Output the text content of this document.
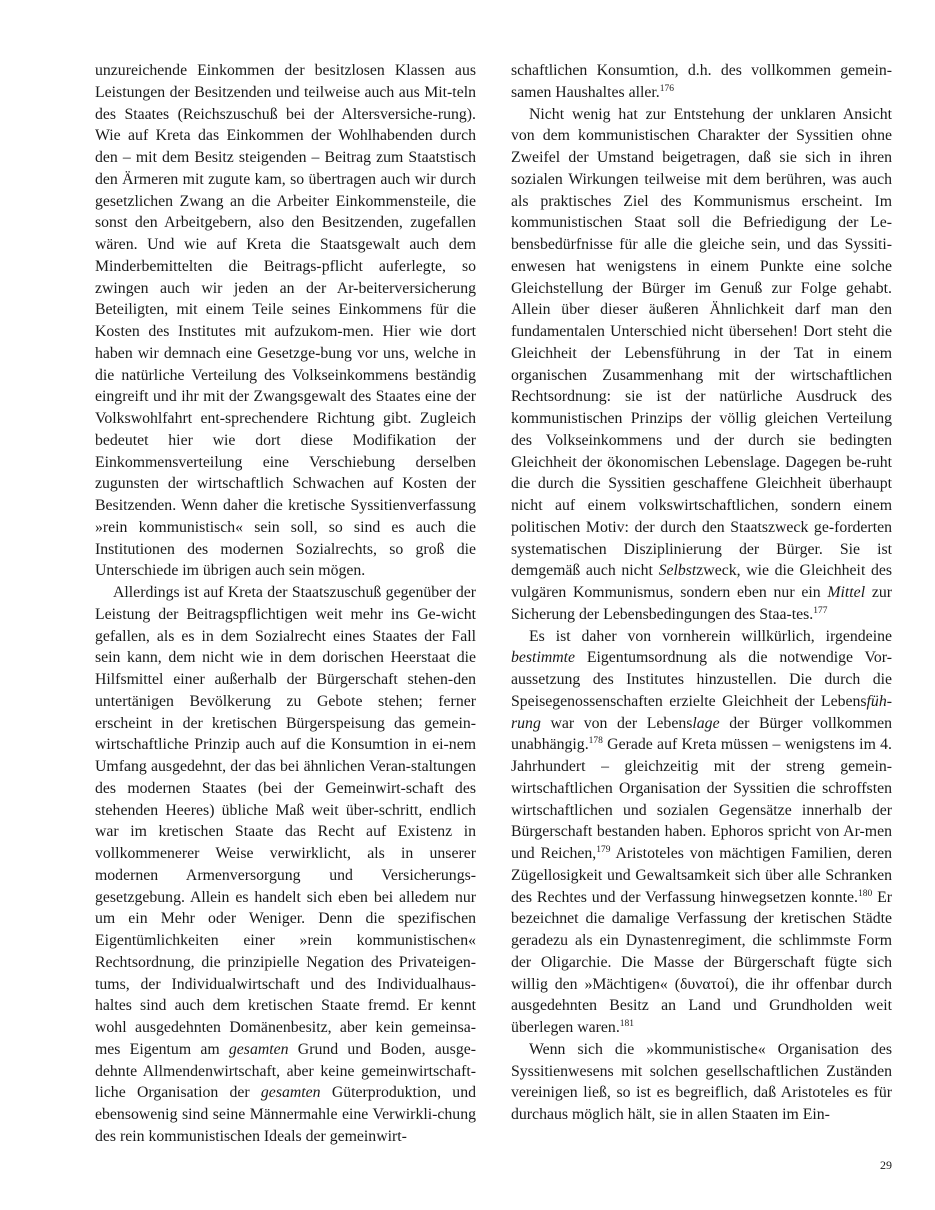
unzureichende Einkommen der besitzlosen Klassen aus Leistungen der Besitzenden und teilweise auch aus Mit-teln des Staates (Reichszuschuß bei der Altersversiche-rung). Wie auf Kreta das Einkommen der Wohlhabenden durch den – mit dem Besitz steigenden – Beitrag zum Staatstisch den Ärmeren mit zugute kam, so übertragen auch wir durch gesetzlichen Zwang an die Arbeiter Einkommensteile, die sonst den Arbeitgebern, also den Besitzenden, zugefallen wären. Und wie auf Kreta die Staatsgewalt auch dem Minderbemittelten die Beitrags-pflicht auferlegte, so zwingen auch wir jeden an der Ar-beiterversicherung Beteiligten, mit einem Teile seines Einkommens für die Kosten des Institutes mit aufzukom-men. Hier wie dort haben wir demnach eine Gesetzge-bung vor uns, welche in die natürliche Verteilung des Volkseinkommens beständig eingreift und ihr mit der Zwangsgewalt des Staates eine der Volkswohlfahrt ent-sprechendere Richtung gibt. Zugleich bedeutet hier wie dort diese Modifikation der Einkommensverteilung eine Verschiebung derselben zugunsten der wirtschaftlich Schwachen auf Kosten der Besitzenden. Wenn daher die kretische Syssitienverfassung »rein kommunistisch« sein soll, so sind es auch die Institutionen des modernen Sozialrechts, so groß die Unterschiede im übrigen auch sein mögen.

Allerdings ist auf Kreta der Staatszuschuß gegenüber der Leistung der Beitragspflichtigen weit mehr ins Ge-wicht gefallen, als es in dem Sozialrecht eines Staates der Fall sein kann, dem nicht wie in dem dorischen Heerstaat die Hilfsmittel einer außerhalb der Bürgerschaft stehen-den untertänigen Bevölkerung zu Gebote stehen; ferner erscheint in der kretischen Bürgerspeisung das gemein-wirtschaftliche Prinzip auch auf die Konsumtion in ei-nem Umfang ausgedehnt, der das bei ähnlichen Veran-staltungen des modernen Staates (bei der Gemeinwirt-schaft des stehenden Heeres) übliche Maß weit über-schritt, endlich war im kretischen Staate das Recht auf Existenz in vollkommenerer Weise verwirklicht, als in unserer modernen Armenversorgung und Versicherungs-gesetzgebung. Allein es handelt sich eben bei alledem nur um ein Mehr oder Weniger. Denn die spezifischen Eigentümlichkeiten einer »rein kommunistischen« Rechtsordnung, die prinzipielle Negation des Privateigen-tums, der Individualwirtschaft und des Individualhaus-haltes sind auch dem kretischen Staate fremd. Er kennt wohl ausgedehnten Domänenbesitz, aber kein gemeinsa-mes Eigentum am gesamten Grund und Boden, ausge-dehnte Allmendenwirtschaft, aber keine gemeinwirtschaft-liche Organisation der gesamten Güterproduktion, und ebensowenig sind seine Männermahle eine Verwirkli-chung des rein kommunistischen Ideals der gemeinwirt-

schaftlichen Konsumtion, d.h. des vollkommen gemein-samen Haushaltes aller.$^{176}$

Nicht wenig hat zur Entstehung der unklaren Ansicht von dem kommunistischen Charakter der Syssitien ohne Zweifel der Umstand beigetragen, daß sie sich in ihren sozialen Wirkungen teilweise mit dem berühren, was auch als praktisches Ziel des Kommunismus erscheint. Im kommunistischen Staat soll die Befriedigung der Le-bensbedürfnisse für alle die gleiche sein, und das Syssiti-enwesen hat wenigstens in einem Punkte eine solche Gleichstellung der Bürger im Genuß zur Folge gehabt. Allein über dieser äußeren Ähnlichkeit darf man den fundamentalen Unterschied nicht übersehen! Dort steht die Gleichheit der Lebensführung in der Tat in einem organischen Zusammenhang mit der wirtschaftlichen Rechtsordnung: sie ist der natürliche Ausdruck des kommunistischen Prinzips der völlig gleichen Verteilung des Volkseinkommens und der durch sie bedingten Gleichheit der ökonomischen Lebenslage. Dagegen be-ruht die durch die Syssitien geschaffene Gleichheit überhaupt nicht auf einem volkswirtschaftlichen, sondern einem politischen Motiv: der durch den Staatszweck ge-forderten systematischen Disziplinierung der Bürger. Sie ist demgemäß auch nicht Selbstzweck, wie die Gleichheit des vulgären Kommunismus, sondern eben nur ein Mittel zur Sicherung der Lebensbedingungen des Staa-tes.$^{177}$

Es ist daher von vornherein willkürlich, irgendeine bestimmte Eigentumsordnung als die notwendige Vor-aussetzung des Institutes hinzustellen. Die durch die Speisegenossenschaften erzielte Gleichheit der Lebensfüh-rung war von der Lebenslage der Bürger vollkommen unabhängig.$^{178}$ Gerade auf Kreta müssen – wenigstens im 4. Jahrhundert – gleichzeitig mit der streng gemein-wirtschaftlichen Organisation der Syssitien die schroffsten wirtschaftlichen und sozialen Gegensätze innerhalb der Bürgerschaft bestanden haben. Ephoros spricht von Ar-men und Reichen,$^{179}$ Aristoteles von mächtigen Familien, deren Zügellosigkeit und Gewaltsamkeit sich über alle Schranken des Rechtes und der Verfassung hinwegsetzen konnte.$^{180}$ Er bezeichnet die damalige Verfassung der kretischen Städte geradezu als ein Dynastenregiment, die schlimmste Form der Oligarchie. Die Masse der Bürgerschaft fügte sich willig den »Mächtigen« (δυνατοί), die ihr offenbar durch ausgedehnten Besitz an Land und Grundholden weit überlegen waren.$^{181}$

Wenn sich die »kommunistische« Organisation des Syssitienwesens mit solchen gesellschaftlichen Zuständen vereinigen ließ, so ist es begreiflich, daß Aristoteles es für durchaus möglich hält, sie in allen Staaten im Ein-

29
